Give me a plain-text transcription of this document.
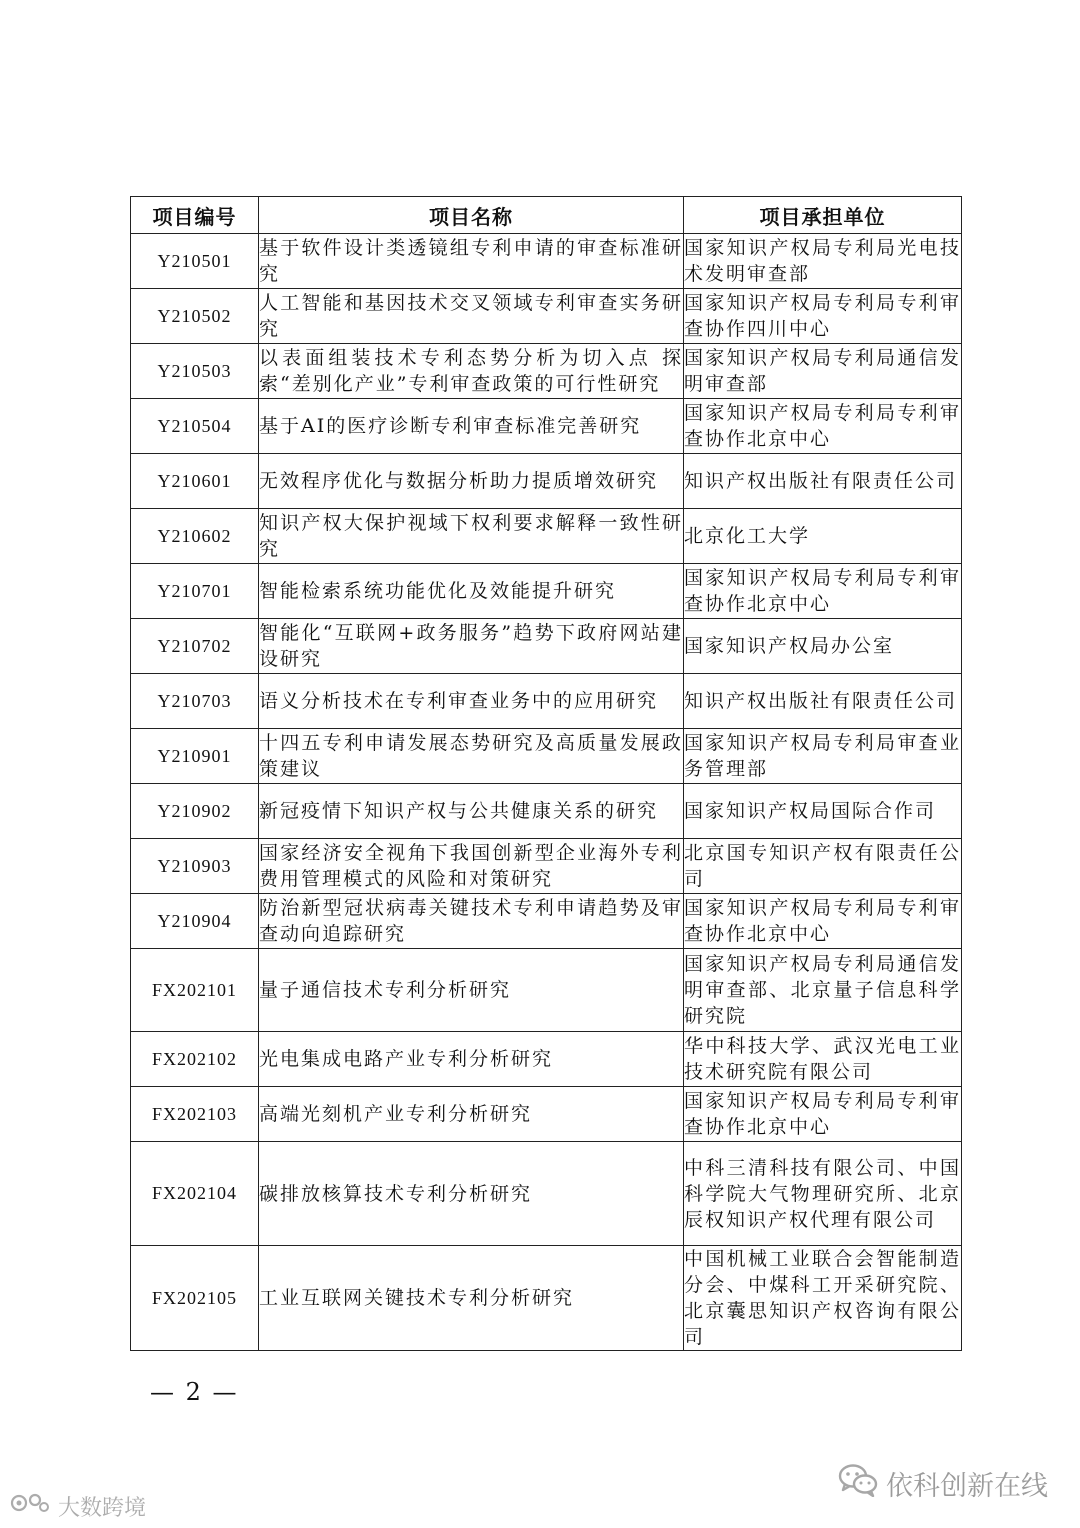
项目编号	项目名称	项目承担单位
Y210501	基于软件设计类透镜组专利申请的审查标准研究	国家知识产权局专利局光电技术发明审查部
Y210502	人工智能和基因技术交叉领域专利审查实务研究	国家知识产权局专利局专利审查协作四川中心
Y210503	以表面组装技术专利态势分析为切入点 探索“差别化产业”专利审查政策的可行性研究	国家知识产权局专利局通信发明审查部
Y210504	基于AI的医疗诊断专利审查标准完善研究	国家知识产权局专利局专利审查协作北京中心
Y210601	无效程序优化与数据分析助力提质增效研究	知识产权出版社有限责任公司
Y210602	知识产权大保护视域下权利要求解释一致性研究	北京化工大学
Y210701	智能检索系统功能优化及效能提升研究	国家知识产权局专利局专利审查协作北京中心
Y210702	智能化“互联网+政务服务”趋势下政府网站建设研究	国家知识产权局办公室
Y210703	语义分析技术在专利审查业务中的应用研究	知识产权出版社有限责任公司
Y210901	十四五专利申请发展态势研究及高质量发展政策建议	国家知识产权局专利局审查业务管理部
Y210902	新冠疫情下知识产权与公共健康关系的研究	国家知识产权局国际合作司
Y210903	国家经济安全视角下我国创新型企业海外专利费用管理模式的风险和对策研究	北京国专知识产权有限责任公司
Y210904	防治新型冠状病毒关键技术专利申请趋势及审查动向追踪研究	国家知识产权局专利局专利审查协作北京中心
FX202101	量子通信技术专利分析研究	国家知识产权局专利局通信发明审查部、北京量子信息科学研究院
FX202102	光电集成电路产业专利分析研究	华中科技大学、武汉光电工业技术研究院有限公司
FX202103	高端光刻机产业专利分析研究	国家知识产权局专利局专利审查协作北京中心
FX202104	碳排放核算技术专利分析研究	中科三清科技有限公司、中国科学院大气物理研究所、北京辰权知识产权代理有限公司
FX202105	工业互联网关键技术专利分析研究	中国机械工业联合会智能制造分会、中煤科工开采研究院、北京囊思知识产权咨询有限公司
— 2 —
依科创新在线
大数跨境
